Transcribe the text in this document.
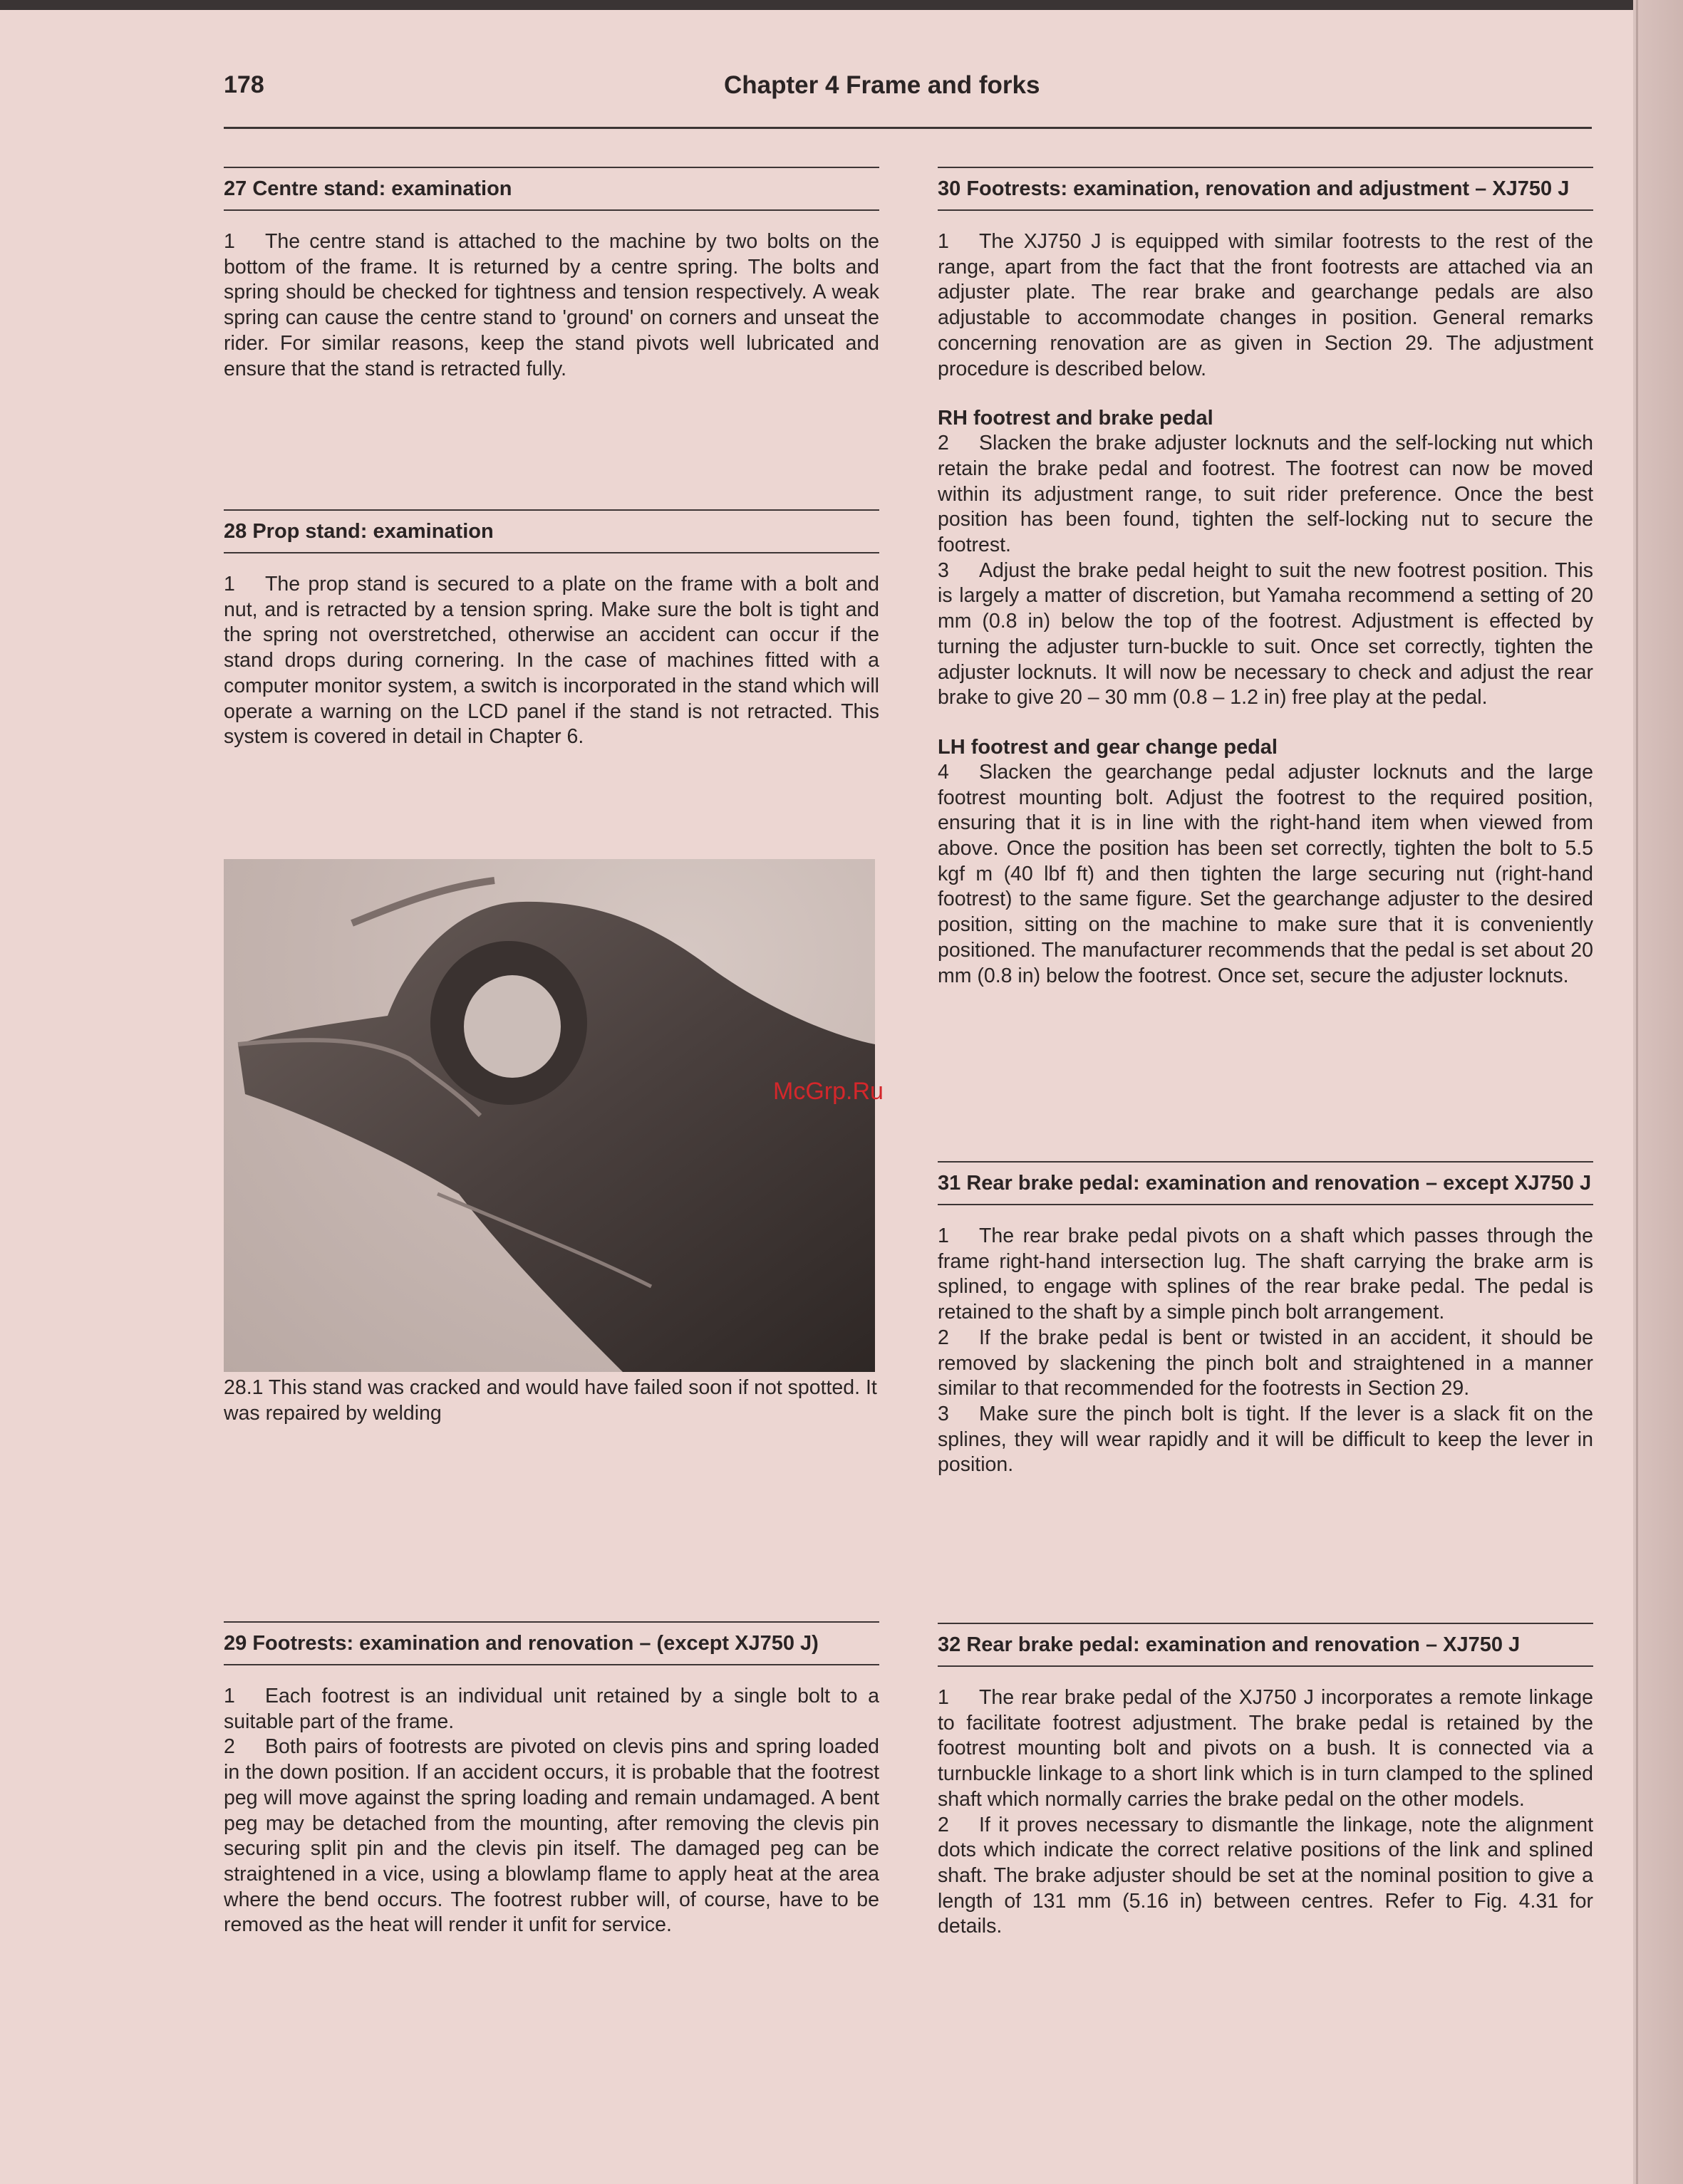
178	Chapter 4 Frame and forks
27 Centre stand: examination

1 The centre stand is attached to the machine by two bolts on the bottom of the frame. It is returned by a centre spring. The bolts and spring should be checked for tightness and tension respectively. A weak spring can cause the centre stand to 'ground' on corners and unseat the rider. For similar reasons, keep the stand pivots well lubricated and ensure that the stand is retracted fully.

28 Prop stand: examination

1 The prop stand is secured to a plate on the frame with a bolt and nut, and is retracted by a tension spring. Make sure the bolt is tight and the spring not overstretched, otherwise an accident can occur if the stand drops during cornering. In the case of machines fitted with a computer monitor system, a switch is incorporated in the stand which will operate a warning on the LCD panel if the stand is not retracted. This system is covered in detail in Chapter 6.

28.1 This stand was cracked and would have failed soon if not spotted. It was repaired by welding
29 Footrests: examination and renovation – (except XJ750 J)

1 Each footrest is an individual unit retained by a single bolt to a suitable part of the frame.

2 Both pairs of footrests are pivoted on clevis pins and spring loaded in the down position. If an accident occurs, it is probable that the footrest peg will move against the spring loading and remain undamaged. A bent peg may be detached from the mounting, after removing the clevis pin securing split pin and the clevis pin itself. The damaged peg can be straightened in a vice, using a blowlamp flame to apply heat at the area where the bend occurs. The footrest rubber will, of course, have to be removed as the heat will render it unfit for service.

30 Footrests: examination, renovation and adjustment – XJ750 J

1 The XJ750 J is equipped with similar footrests to the rest of the range, apart from the fact that the front footrests are attached via an adjuster plate. The rear brake and gearchange pedals are also adjustable to accommodate changes in position. General remarks concerning renovation are as given in Section 29. The adjustment procedure is described below.

RH footrest and brake pedal

2 Slacken the brake adjuster locknuts and the self-locking nut which retain the brake pedal and footrest. The footrest can now be moved within its adjustment range, to suit rider preference. Once the best position has been found, tighten the self-locking nut to secure the footrest.

3 Adjust the brake pedal height to suit the new footrest position. This is largely a matter of discretion, but Yamaha recommend a setting of 20 mm (0.8 in) below the top of the footrest. Adjustment is effected by turning the adjuster turn-buckle to suit. Once set correctly, tighten the adjuster locknuts. It will now be necessary to check and adjust the rear brake to give 20 – 30 mm (0.8 – 1.2 in) free play at the pedal.

LH footrest and gear change pedal

4 Slacken the gearchange pedal adjuster locknuts and the large footrest mounting bolt. Adjust the footrest to the required position, ensuring that it is in line with the right-hand item when viewed from above. Once the position has been set correctly, tighten the bolt to 5.5 kgf m (40 lbf ft) and then tighten the large securing nut (right-hand footrest) to the same figure. Set the gearchange adjuster to the desired position, sitting on the machine to make sure that it is conveniently positioned. The manufacturer recommends that the pedal is set about 20 mm (0.8 in) below the footrest. Once set, secure the adjuster locknuts.

31 Rear brake pedal: examination and renovation – except XJ750 J

1 The rear brake pedal pivots on a shaft which passes through the frame right-hand intersection lug. The shaft carrying the brake arm is splined, to engage with splines of the rear brake pedal. The pedal is retained to the shaft by a simple pinch bolt arrangement.

2 If the brake pedal is bent or twisted in an accident, it should be removed by slackening the pinch bolt and straightened in a manner similar to that recommended for the footrests in Section 29.

3 Make sure the pinch bolt is tight. If the lever is a slack fit on the splines, they will wear rapidly and it will be difficult to keep the lever in position.

32 Rear brake pedal: examination and renovation – XJ750 J

1 The rear brake pedal of the XJ750 J incorporates a remote linkage to facilitate footrest adjustment. The brake pedal is retained by the footrest mounting bolt and pivots on a bush. It is connected via a turnbuckle linkage to a short link which is in turn clamped to the splined shaft which normally carries the brake pedal on the other models.

2 If it proves necessary to dismantle the linkage, note the alignment dots which indicate the correct relative positions of the link and splined shaft. The brake adjuster should be set at the nominal position to give a length of 131 mm (5.16 in) between centres. Refer to Fig. 4.31 for details.

McGrp.Ru
